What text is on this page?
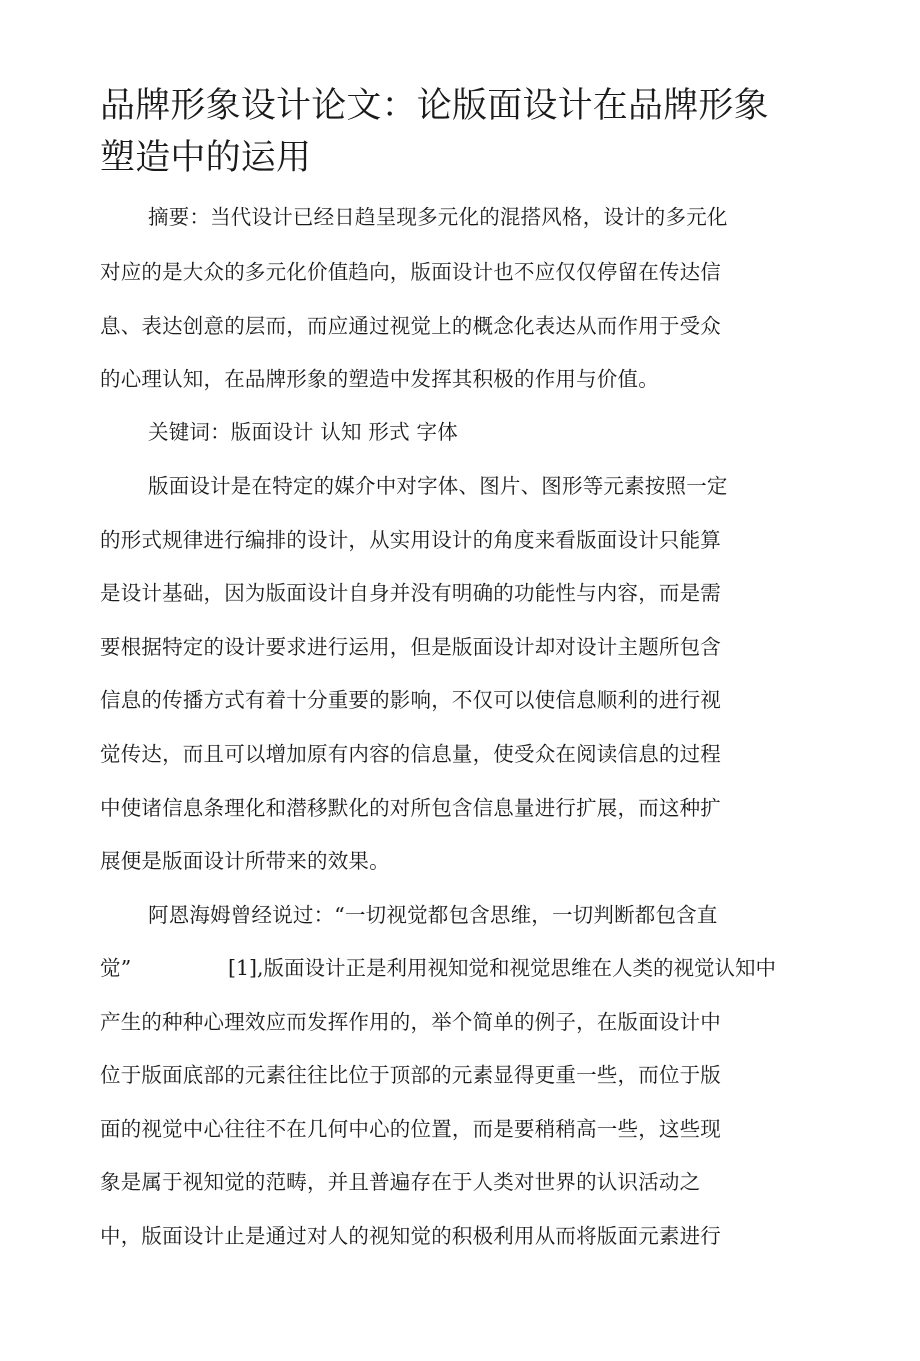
品牌形象设计论文：论版面设计在品牌形象
塑造中的运用
摘要：当代设计已经日趋呈现多元化的混搭风格，设计的多元化
对应的是大众的多元化价值趋向，版面设计也不应仅仅停留在传达信
息、表达创意的层而，而应通过视觉上的概念化表达从而作用于受众
的心理认知，在品牌形象的塑造中发挥其积极的作用与价值。
关键词：版面设计 认知 形式 字体
版面设计是在特定的媒介中对字体、图片、图形等元素按照一定
的形式规律进行编排的设计，从实用设计的角度来看版面设计只能算
是设计基础，因为版面设计自身并没有明确的功能性与内容，而是需
要根据特定的设计要求进行运用，但是版面设计却对设计主题所包含
信息的传播方式有着十分重要的影响，不仅可以使信息顺利的进行视
觉传达，而且可以增加原有内容的信息量，使受众在阅读信息的过程
中使诸信息条理化和潜移默化的对所包含信息量进行扩展，而这种扩
展便是版面设计所带来的效果。
阿恩海姆曾经说过：“一切视觉都包含思维，一切判断都包含直
觉”	[1],版面设计正是利用视知觉和视觉思维在人类的视觉认知中
产生的种种心理效应而发挥作用的，举个简单的例子，在版面设计中
位于版面底部的元素往往比位于顶部的元素显得更重一些，而位于版
面的视觉中心往往不在几何中心的位置，而是要稍稍高一些，这些现
象是属于视知觉的范畴，并且普遍存在于人类对世界的认识活动之
中，版面设计止是通过对人的视知觉的积极利用从而将版面元素进行
